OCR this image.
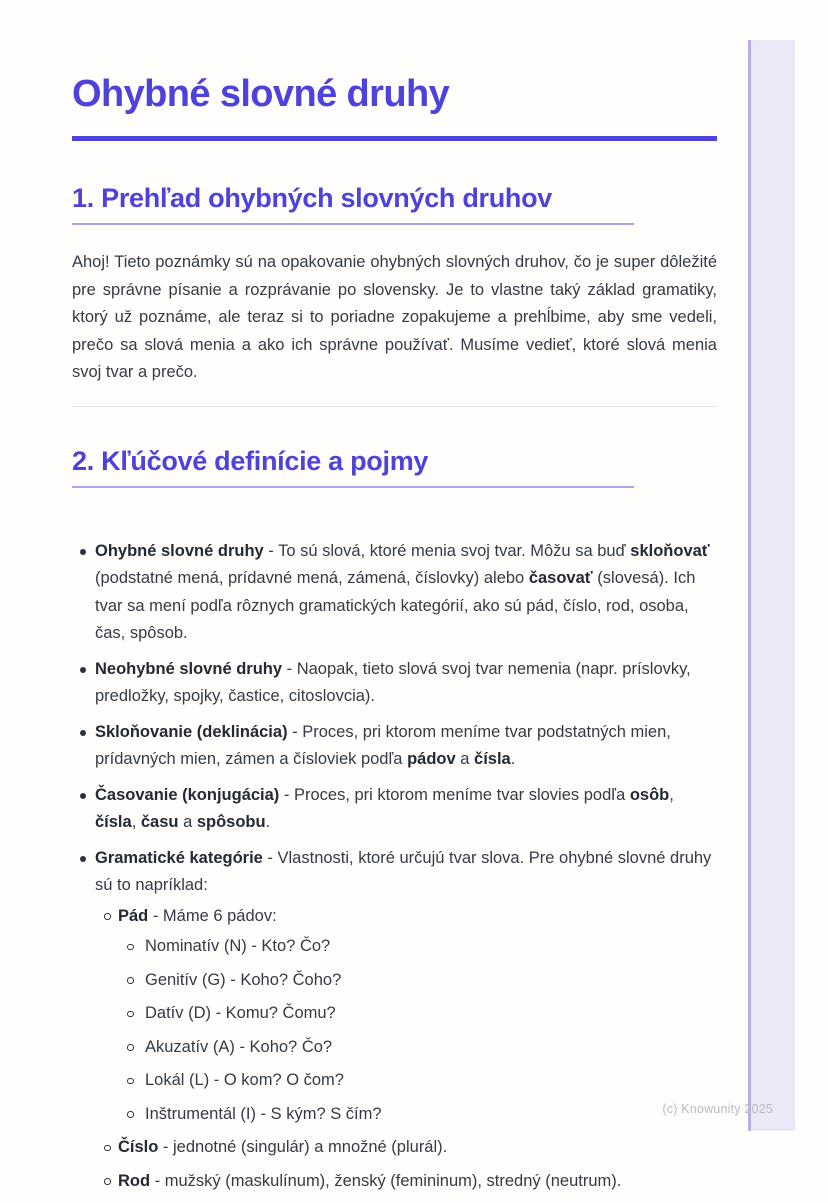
Ohybné slovné druhy
1. Prehľad ohybných slovných druhov

Ahoj! Tieto poznámky sú na opakovanie ohybných slovných druhov, čo je super dôležité pre správne písanie a rozprávanie po slovensky. Je to vlastne taký základ gramatiky, ktorý už poznáme, ale teraz si to poriadne zopakujeme a prehĺbime, aby sme vedeli, prečo sa slová menia a ako ich správne používať. Musíme vedieť, ktoré slová menia svoj tvar a prečo.

2. Kľúčové definície a pojmy
Ohybné slovné druhy - To sú slová, ktoré menia svoj tvar. Môžu sa buď skloňovať (podstatné mená, prídavné mená, zámená, číslovky) alebo časovať (slovesá). Ich tvar sa mení podľa rôznych gramatických kategórií, ako sú pád, číslo, rod, osoba, čas, spôsob.
Neohybné slovné druhy - Naopak, tieto slová svoj tvar nemenia (napr. príslovky, predložky, spojky, častice, citoslovcia).
Skloňovanie (deklinácia) - Proces, pri ktorom meníme tvar podstatných mien, prídavných mien, zámen a čísloviek podľa pádov a čísla.
Časovanie (konjugácia) - Proces, pri ktorom meníme tvar slovies podľa osôb, čísla, času a spôsobu.
Gramatické kategórie - Vlastnosti, ktoré určujú tvar slova. Pre ohybné slovné druhy sú to napríklad:
Pád - Máme 6 pádov:
Nominatív (N) - Kto? Čo?
Genitív (G) - Koho? Čoho?
Datív (D) - Komu? Čomu?
Akuzatív (A) - Koho? Čo?
Lokál (L) - O kom? O čom?
Inštrumentál (I) - S kým? S čím?
Číslo - jednotné (singulár) a množné (plurál).
Rod - mužský (maskulínum), ženský (femininum), stredný (neutrum).
(c) Knowunity 2025
